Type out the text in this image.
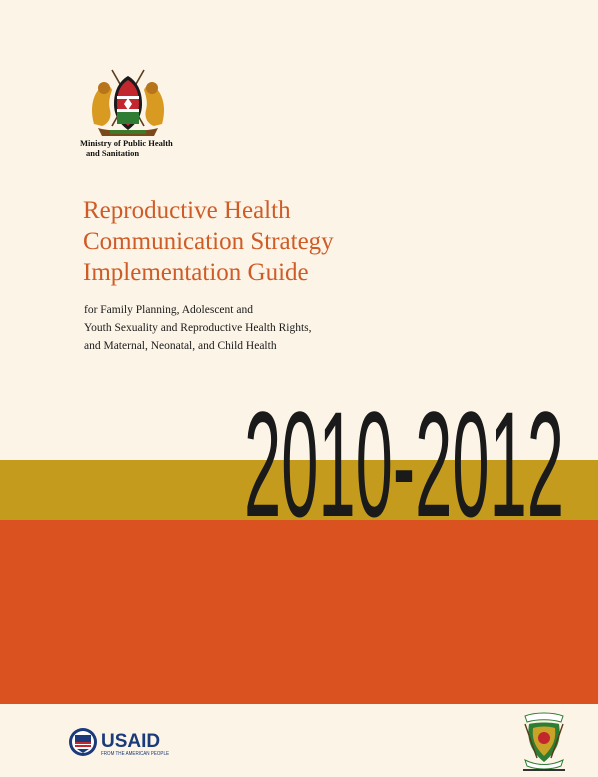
Ministry of Public Health
and Sanitation
Reproductive Health
Communication Strategy
Implementation Guide
for Family Planning, Adolescent and
Youth Sexuality and Reproductive Health Rights,
and Maternal, Neonatal, and Child Health
2010-2012
USAID
FROM THE AMERICAN PEOPLE
